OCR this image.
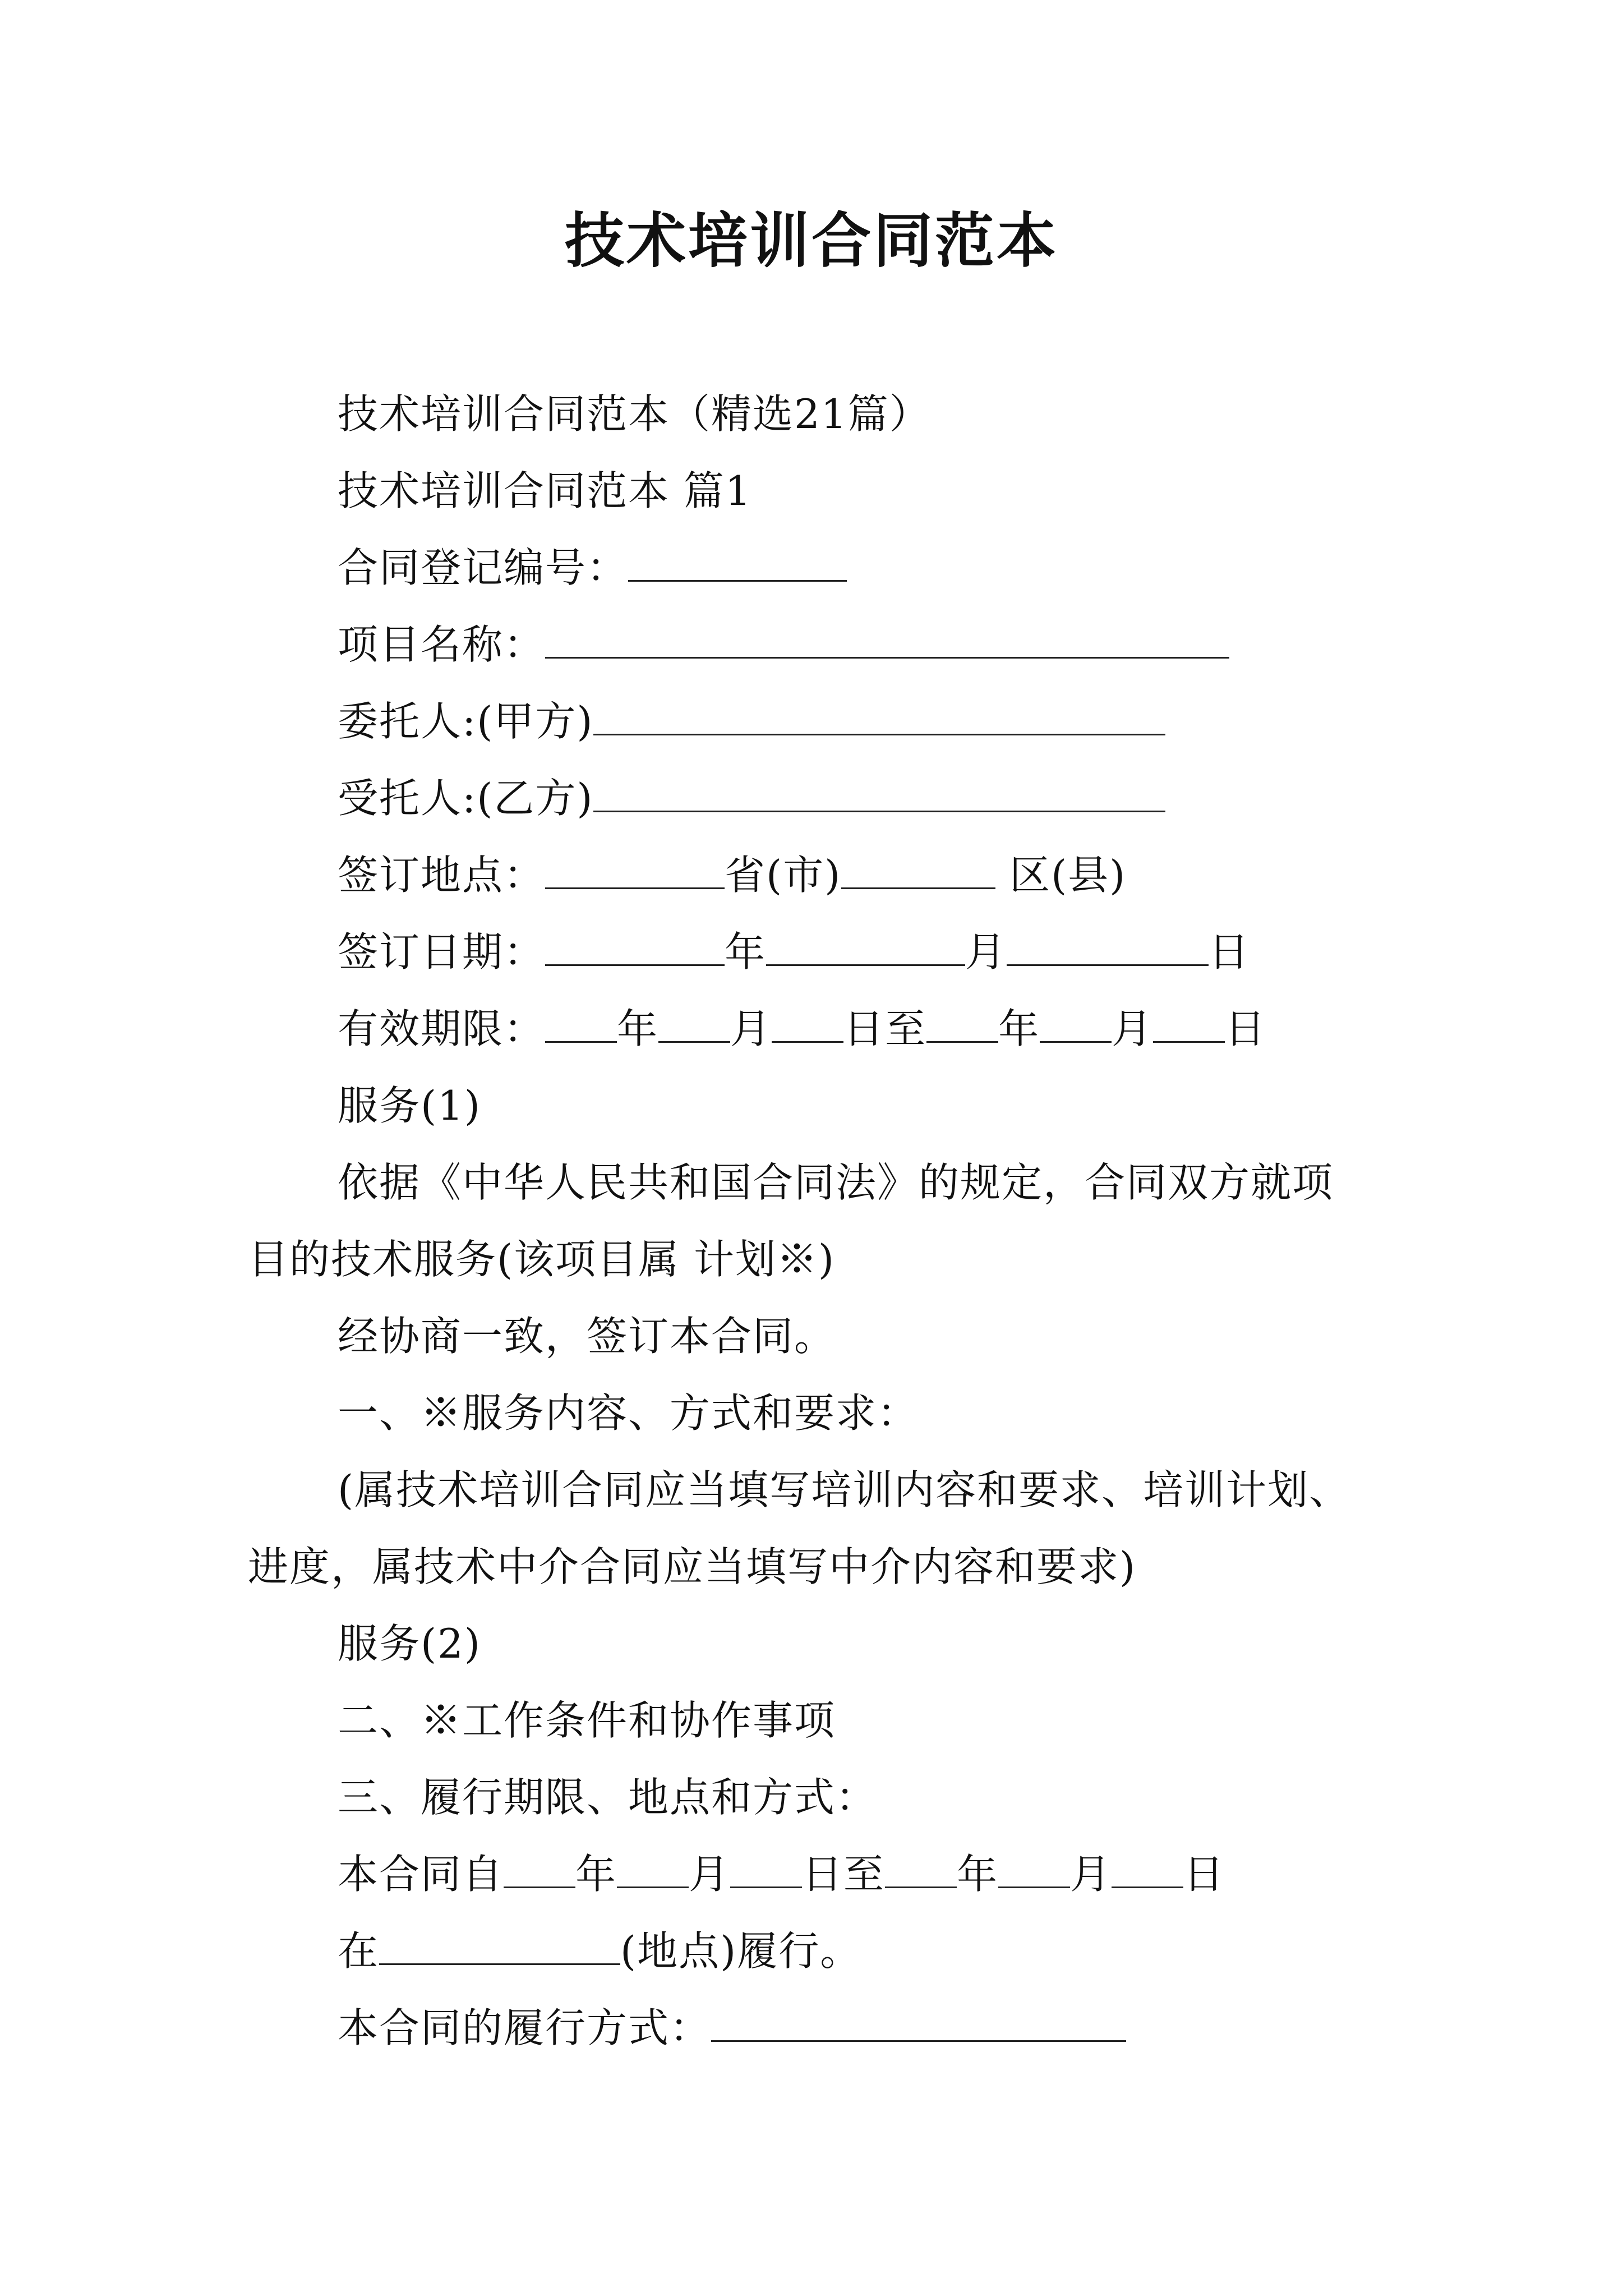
技术培训合同范本
技术培训合同范本（精选21篇）
技术培训合同范本 篇1
合同登记编号：
项目名称：
委托人:(甲方)
受托人:(乙方)
签订地点：	省(市)	区(县)
签订日期：	年	月	日
有效期限： 年 月 日至 年 月 日
服务(1)
依据《中华人民共和国合同法》的规定，合同双方就项
目的技术服务(该项目属 计划※)
经协商一致，签订本合同。
一、※服务内容、方式和要求：
(属技术培训合同应当填写培训内容和要求、培训计划、
进度，属技术中介合同应当填写中介内容和要求)
服务(2)
二、※工作条件和协作事项
三、履行期限、地点和方式：
本合同自 年 月 日至 年 月 日
在	(地点)履行。
本合同的履行方式：
